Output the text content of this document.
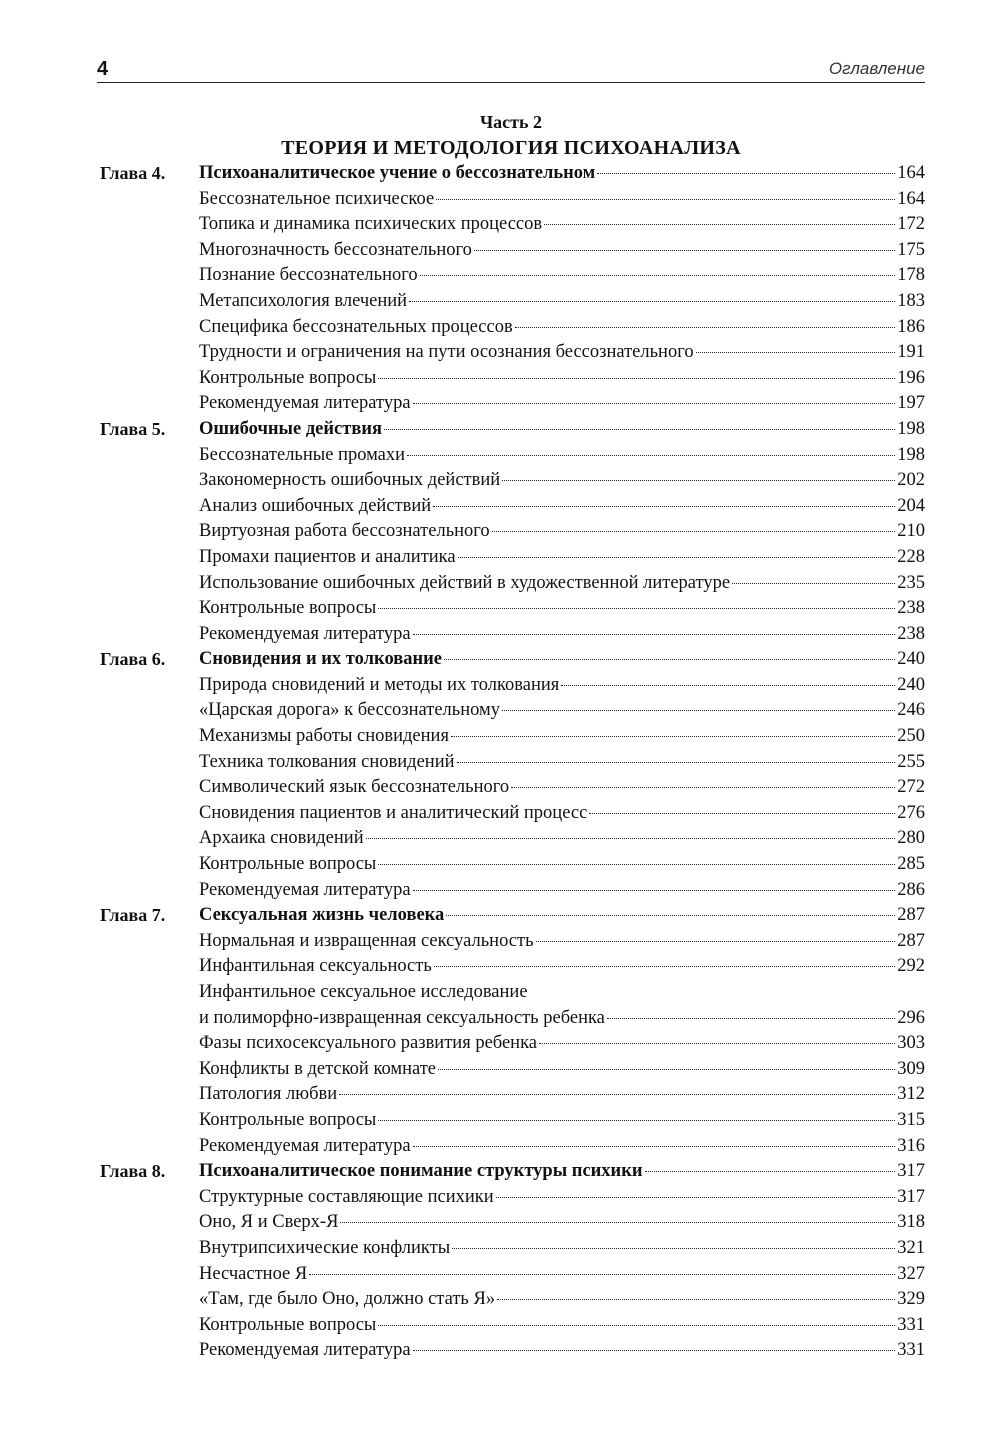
4	Оглавление
Часть 2
ТЕОРИЯ И МЕТОДОЛОГИЯ ПСИХОАНАЛИЗА
Глава 4. Психоаналитическое учение о бессознательном	164
Бессознательное психическое	164
Топика и динамика психических процессов	172
Многозначность бессознательного	175
Познание бессознательного	178
Метапсихология влечений	183
Специфика бессознательных процессов	186
Трудности и ограничения на пути осознания бессознательного	191
Контрольные вопросы	196
Рекомендуемая литература	197
Глава 5. Ошибочные действия	198
Бессознательные промахи	198
Закономерность ошибочных действий	202
Анализ ошибочных действий	204
Виртуозная работа бессознательного	210
Промахи пациентов и аналитика	228
Использование ошибочных действий в художественной литературе	235
Контрольные вопросы	238
Рекомендуемая литература	238
Глава 6. Сновидения и их толкование	240
Природа сновидений и методы их толкования	240
«Царская дорога» к бессознательному	246
Механизмы работы сновидения	250
Техника толкования сновидений	255
Символический язык бессознательного	272
Сновидения пациентов и аналитический процесс	276
Архаика сновидений	280
Контрольные вопросы	285
Рекомендуемая литература	286
Глава 7. Сексуальная жизнь человека	287
Нормальная и извращенная сексуальность	287
Инфантильная сексуальность	292
Инфантильное сексуальное исследование
и полиморфно-извращенная сексуальность ребенка	296
Фазы психосексуального развития ребенка	303
Конфликты в детской комнате	309
Патология любви	312
Контрольные вопросы	315
Рекомендуемая литература	316
Глава 8. Психоаналитическое понимание структуры психики	317
Структурные составляющие психики	317
Оно, Я и Сверх-Я	318
Внутрипсихические конфликты	321
Несчастное Я	327
«Там, где было Оно, должно стать Я»	329
Контрольные вопросы	331
Рекомендуемая литература	331
